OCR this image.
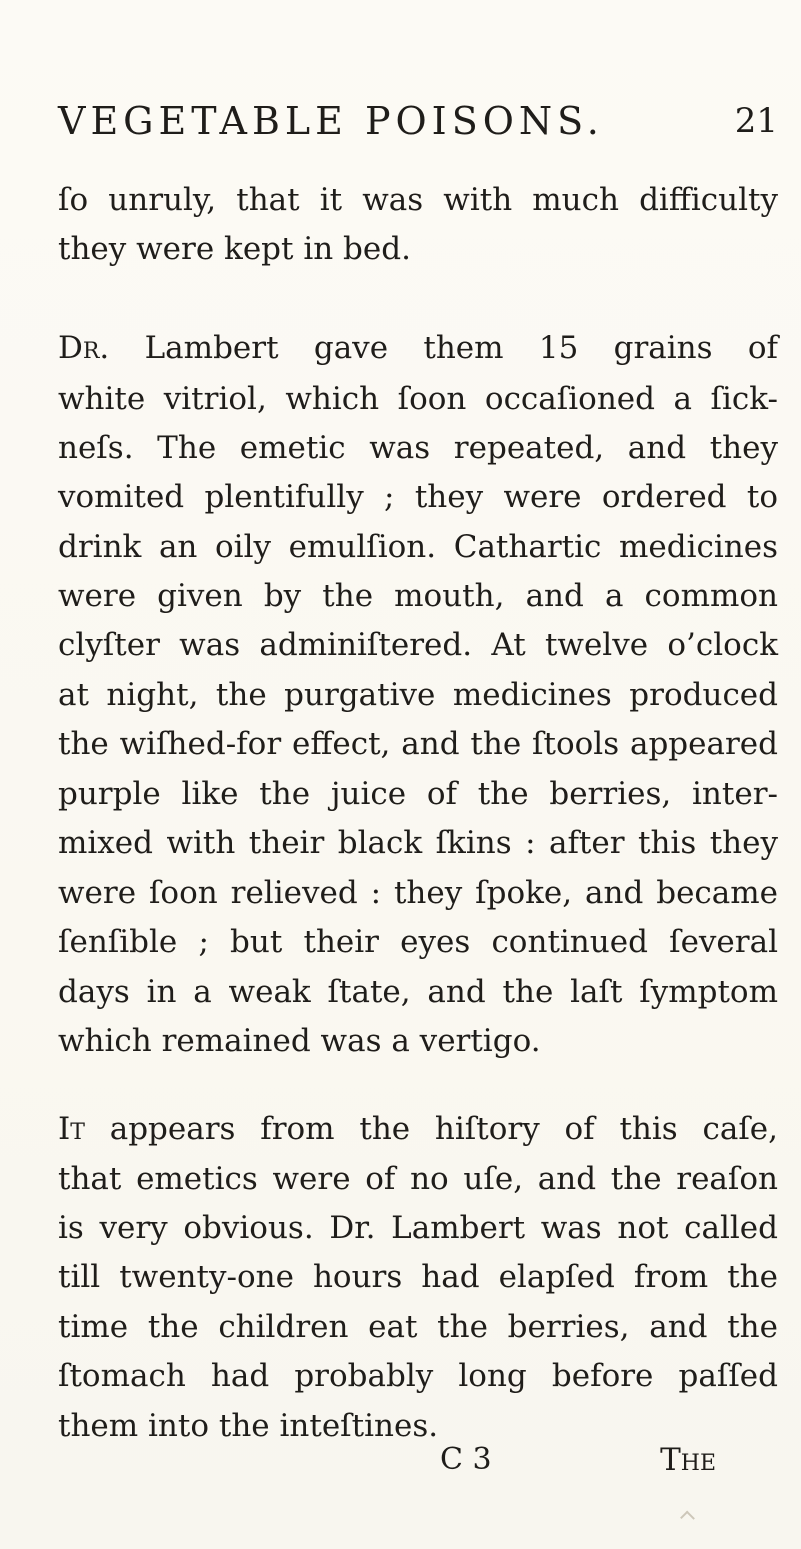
VEGETABLE POISONS.	21
ſo unruly, that it was with much difficulty
they were kept in bed.
Dr. Lambert gave them 15 grains of
white vitriol, which ſoon occaſioned a ſick-
neſs. The emetic was repeated, and they
vomited plentifully ; they were ordered to
drink an oily emulſion. Cathartic medicines
were given by the mouth, and a common
clyſter was adminiſtered. At twelve o’clock
at night, the purgative medicines produced
the wiſhed-for effect, and the ſtools appeared
purple like the juice of the berries, inter-
mixed with their black ſkins : after this they
were ſoon relieved : they ſpoke, and became
ſenſible ; but their eyes continued ſeveral
days in a weak ſtate, and the laſt ſymptom
which remained was a vertigo.
It appears from the hiſtory of this caſe,
that emetics were of no uſe, and the reaſon
is very obvious. Dr. Lambert was not called
till twenty-one hours had elapſed from the
time the children eat the berries, and the
ſtomach had probably long before paſſed
them into the inteſtines.
C 3	The
